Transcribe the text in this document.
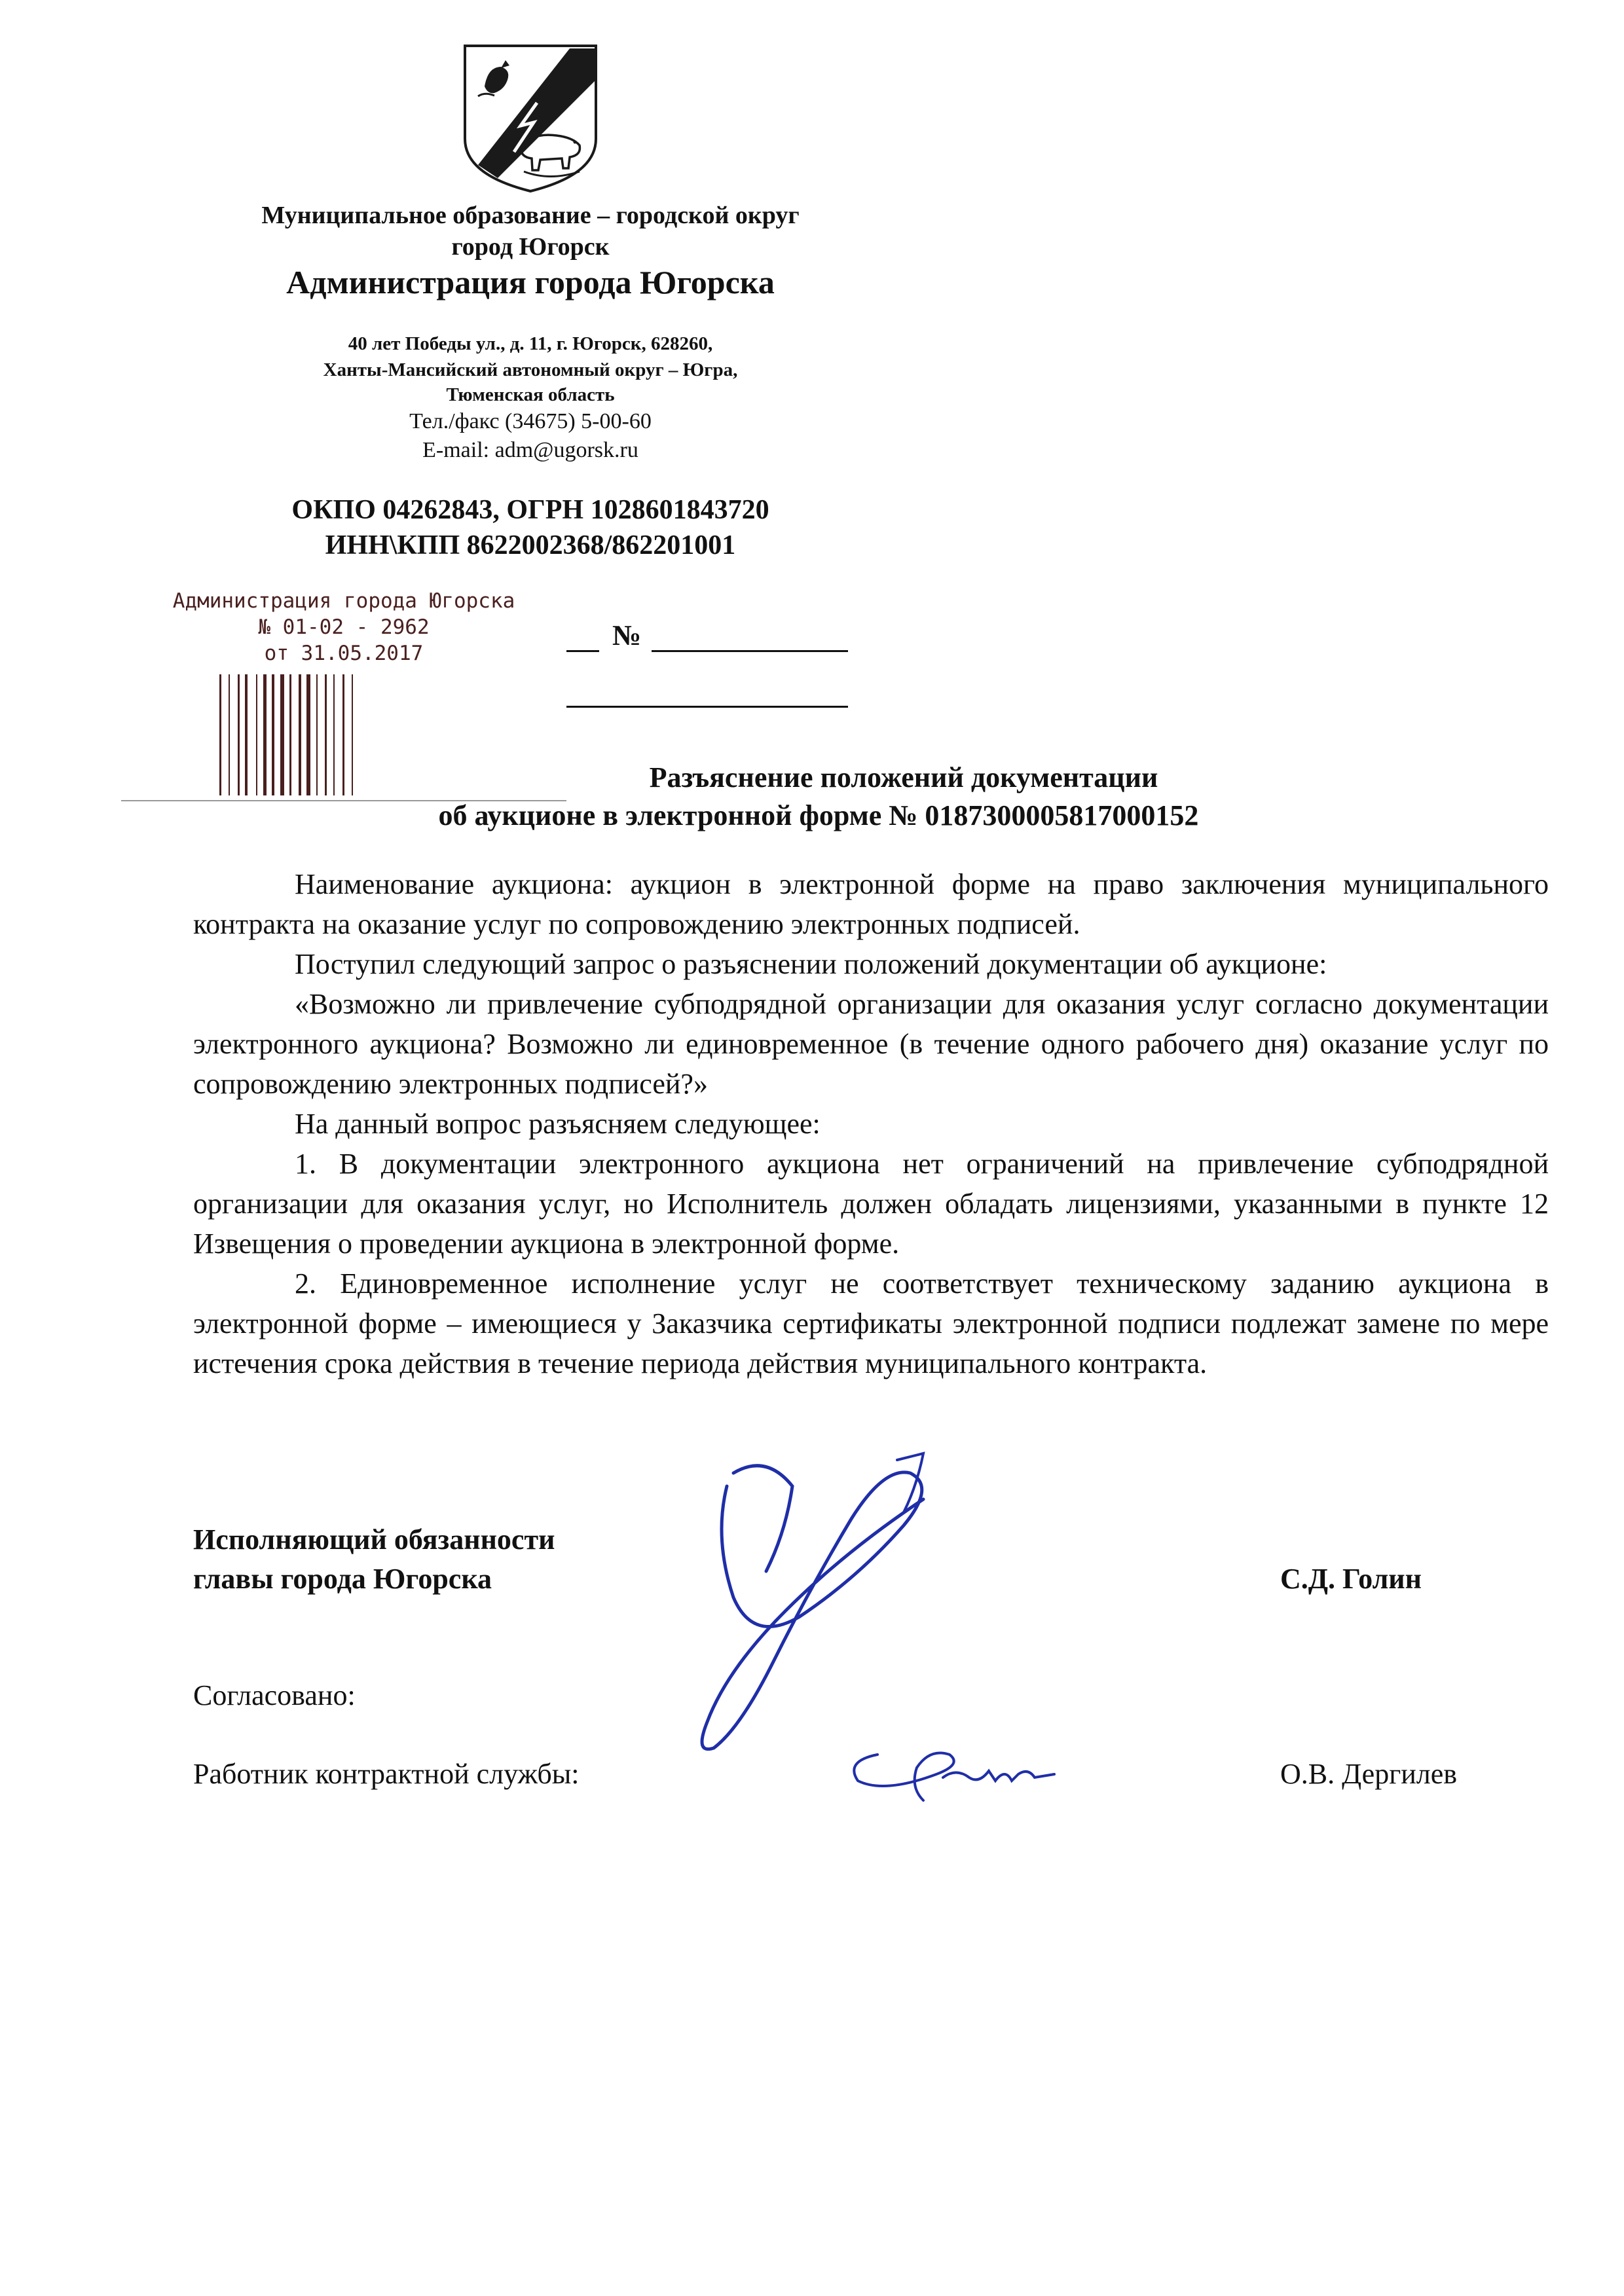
Муниципальное образование – городской округ
город Югорск
Администрация города Югорска
40 лет Победы ул., д. 11, г. Югорск, 628260,
Ханты-Мансийский автономный округ – Югра,
Тюменская область
Тел./факс (34675) 5-00-60
E-mail: adm@ugorsk.ru
ОКПО 04262843, ОГРН 1028601843720
ИНН\КПП 8622002368/862201001
Администрация города Югорска
№ 01-02 - 2962
от 31.05.2017
№
Разъяснение положений документации
об аукционе в электронной форме № 0187300005817000152

Наименование аукциона: аукцион в электронной форме на право заключения муниципального контракта на оказание услуг по сопровождению электронных подписей.

Поступил следующий запрос о разъяснении положений документации об аукционе:

«Возможно ли привлечение субподрядной организации для оказания услуг согласно документации электронного аукциона? Возможно ли единовременное (в течение одного рабочего дня) оказание услуг по сопровождению электронных подписей?»

На данный вопрос разъясняем следующее:

1. В документации электронного аукциона нет ограничений на привлечение субподрядной организации для оказания услуг, но Исполнитель должен обладать лицензиями, указанными в пункте 12 Извещения о проведении аукциона в электронной форме.

2. Единовременное исполнение услуг не соответствует техническому заданию аукциона в электронной форме – имеющиеся у Заказчика сертификаты электронной подписи подлежат замене по мере истечения срока действия в течение периода действия муниципального контракта.

Исполняющий обязанности
главы города Югорска	С.Д. Голин
Согласовано:
Работник контрактной службы:	О.В. Дергилев
